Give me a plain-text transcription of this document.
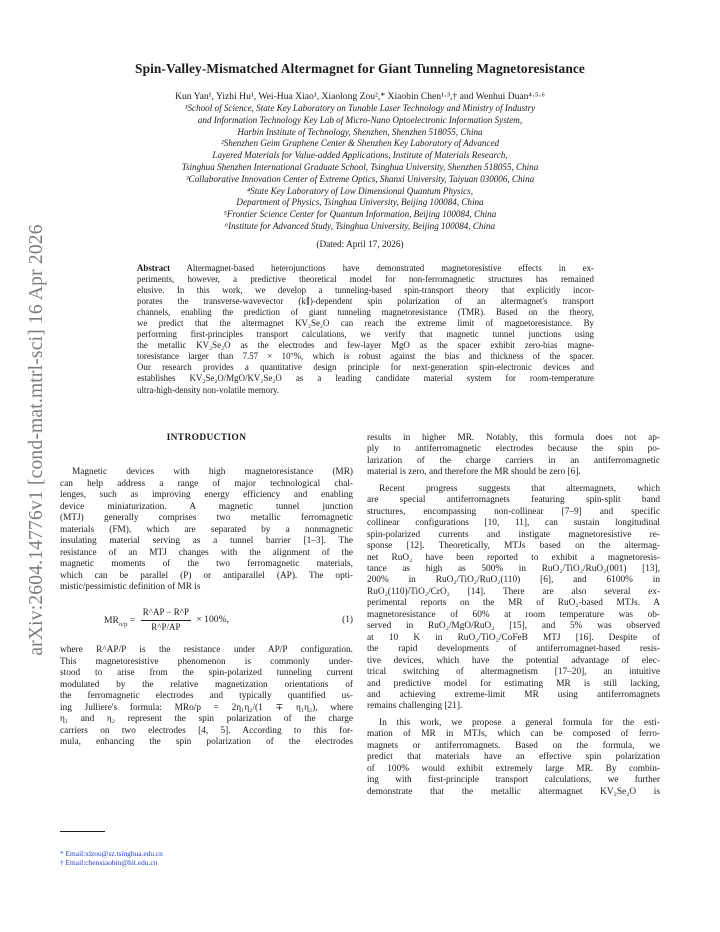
arXiv:2604.14776v1 [cond-mat.mtrl-sci] 16 Apr 2026
Spin-Valley-Mismatched Altermagnet for Giant Tunneling Magnetoresistance
Kun Yan¹, Yizhi Hu¹, Wei-Hua Xiao¹, Xiaolong Zou²,* Xiaobin Chen¹·³,† and Wenhui Duan⁴·⁵·⁶
¹School of Science, State Key Laboratory on Tunable Laser Technology and Ministry of Industry
and Information Technology Key Lab of Micro-Nano Optoelectronic Information System,
Harbin Institute of Technology, Shenzhen, Shenzhen 518055, China
²Shenzhen Geim Graphene Center & Shenzhen Key Laboratory of Advanced
Layered Materials for Value-added Applications, Institute of Materials Research,
Tsinghua Shenzhen International Graduate School, Tsinghua University, Shenzhen 518055, China
³Collaborative Innovation Center of Extreme Optics, Shanxi University, Taiyuan 030006, China
⁴State Key Laboratory of Low Dimensional Quantum Physics,
Department of Physics, Tsinghua University, Beijing 100084, China
⁵Frontier Science Center for Quantum Information, Beijing 100084, China
⁶Institute for Advanced Study, Tsinghua University, Beijing 100084, China
(Dated: April 17, 2026)
Abstract Altermagnet-based heterojunctions have demonstrated magnetoresistive effects in ex-
periments, however, a predictive theoretical model for non-ferromagnetic structures has remained
elusive. In this work, we develop a tunneling-based spin-transport theory that explicitly incor-
porates the transverse-wavevector (k∥)-dependent spin polarization of an altermagnet's transport
channels, enabling the prediction of giant tunneling magnetoresistance (TMR). Based on the theory,
we predict that the altermagnet KV₂Se₂O can reach the extreme limit of magnetoresistance. By
performing first-principles transport calculations, we verify that magnetic tunnel junctions using
the metallic KV₂Se₂O as the electrodes and few-layer MgO as the spacer exhibit zero-bias magne-
toresistance larger than 7.57 × 10⁷%, which is robust against the bias and thickness of the spacer.
Our research provides a quantitative design principle for next-generation spin-electronic devices and
establishes KV₂Se₂O/MgO/KV₂Se₂O as a leading candidate material system for room-temperature
ultra-high-density non-volatile memory.
INTRODUCTION
Magnetic devices with high magnetoresistance (MR)
can help address a range of major technological chal-
lenges, such as improving energy efficiency and enabling
device miniaturization. A magnetic tunnel junction
(MTJ) generally comprises two metallic ferromagnetic
materials (FM), which are separated by a nonmagnetic
insulating material serving as a tunnel barrier [1–3]. The
resistance of an MTJ changes with the alignment of the
magnetic moments of the two ferromagnetic materials,
which can be parallel (P) or antiparallel (AP). The opti-
mistic/pessimistic definition of MR is
$MR_{o/p} = \frac{R\^{}AP - R\^{}P}{R\^{}P/AP} \times 100\%$,	(1)
where R^AP/P is the resistance under AP/P configuration.
This magnetoresistive phenomenon is commonly under-
stood to arise from the spin-polarized tunneling current
modulated by the relative magnetization orientations of
the ferromagnetic electrodes and typically quantified us-
ing Julliere's formula: MRo/p = 2η₁η₂/(1 ∓ η₁η₂), where
η₁ and η₂ represent the spin polarization of the charge
carriers on two electrodes [4, 5]. According to this for-
mula, enhancing the spin polarization of the electrodes
* Email:xlzou@sz.tsinghua.edu.cn
† Email:chenxiaobin@hit.edu.cn
results in higher MR. Notably, this formula does not ap-
ply to antiferromagnetic electrodes because the spin po-
larization of the charge carriers in an antiferromagnetic
material is zero, and therefore the MR should be zero [6].
Recent progress suggests that altermagnets, which
are special antiferromagnets featuring spin-split band
structures, encompassing non-collinear [7–9] and specific
collinear configurations [10, 11], can sustain longitudinal
spin-polarized currents and instigate magnetoresistive re-
sponse [12]. Theoretically, MTJs based on the altermag-
net RuO₂ have been reported to exhibit a magnetoresis-
tance as high as 500% in RuO₂/TiO₂/RuO₂(001) [13],
200% in RuO₂/TiO₂/RuO₂(110) [6], and 6100% in
RuO₂(110)/TiO₂/CrO₂ [14]. There are also several ex-
perimental reports on the MR of RuO₂-based MTJs. A
magnetoresistance of 60% at room temperature was ob-
served in RuO₂/MgO/RuO₂ [15], and 5% was observed
at 10 K in RuO₂/TiO₂/CoFeB MTJ [16]. Despite of
the rapid developments of antiferromagnet-based resis-
tive devices, which have the potential advantage of elec-
trical switching of altermagnetism [17–20], an intuitive
and predictive model for estimating MR is still lacking,
and achieving extreme-limit MR using antiferromagnets
remains challenging [21].
In this work, we propose a general formula for the esti-
mation of MR in MTJs, which can be composed of ferro-
magnets or antiferromagnets. Based on the formula, we
predict that materials have an effective spin polarization
of 100% would exhibit extremely large MR. By combin-
ing with first-principle transport calculations, we further
demonstrate that the metallic altermagnet KV₂Se₂O is
